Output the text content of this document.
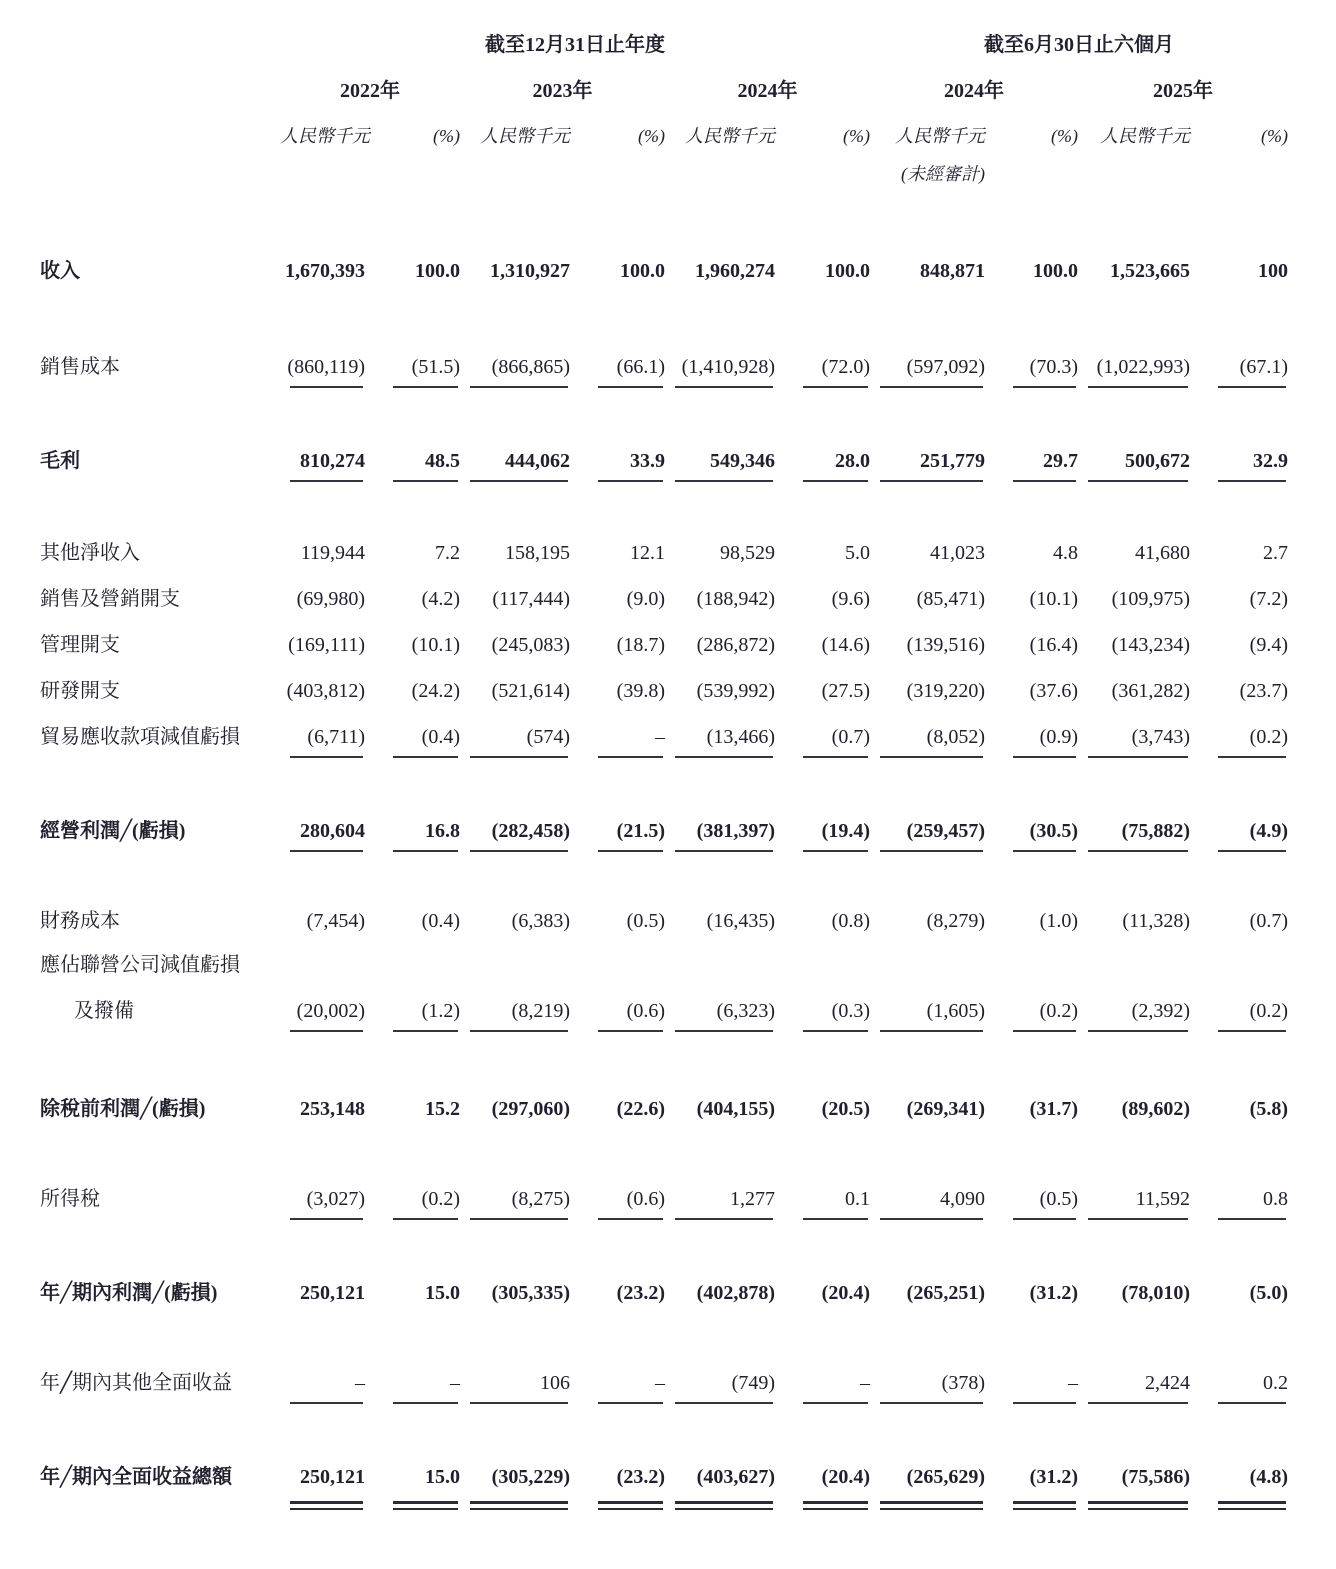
	截至12月31日止年度						截至6月30日止六個月			
	2022年		2023年		2024年		2024年		2025年	
	人民幣千元	(%)	人民幣千元	(%)	人民幣千元	(%)	人民幣千元	(%)	人民幣千元	(%)
							(未經審計)			

收入	1,670,393	100.0	1,310,927	100.0	1,960,274	100.0	848,871	100.0	1,523,665	100

銷售成本	(860,119)	(51.5)	(866,865)	(66.1)	(1,410,928)	(72.0)	(597,092)	(70.3)	(1,022,993)	(67.1)

毛利	810,274	48.5	444,062	33.9	549,346	28.0	251,779	29.7	500,672	32.9

其他淨收入	119,944	7.2	158,195	12.1	98,529	5.0	41,023	4.8	41,680	2.7
銷售及營銷開支	(69,980)	(4.2)	(117,444)	(9.0)	(188,942)	(9.6)	(85,471)	(10.1)	(109,975)	(7.2)
管理開支	(169,111)	(10.1)	(245,083)	(18.7)	(286,872)	(14.6)	(139,516)	(16.4)	(143,234)	(9.4)
研發開支	(403,812)	(24.2)	(521,614)	(39.8)	(539,992)	(27.5)	(319,220)	(37.6)	(361,282)	(23.7)
貿易應收款項減值虧損	(6,711)	(0.4)	(574)	–	(13,466)	(0.7)	(8,052)	(0.9)	(3,743)	(0.2)

經營利潤╱(虧損)	280,604	16.8	(282,458)	(21.5)	(381,397)	(19.4)	(259,457)	(30.5)	(75,882)	(4.9)

財務成本	(7,454)	(0.4)	(6,383)	(0.5)	(16,435)	(0.8)	(8,279)	(1.0)	(11,328)	(0.7)
應佔聯營公司減值虧損										
及撥備	(20,002)	(1.2)	(8,219)	(0.6)	(6,323)	(0.3)	(1,605)	(0.2)	(2,392)	(0.2)

除稅前利潤╱(虧損)	253,148	15.2	(297,060)	(22.6)	(404,155)	(20.5)	(269,341)	(31.7)	(89,602)	(5.8)

所得稅	(3,027)	(0.2)	(8,275)	(0.6)	1,277	0.1	4,090	(0.5)	11,592	0.8

年╱期內利潤╱(虧損)	250,121	15.0	(305,335)	(23.2)	(402,878)	(20.4)	(265,251)	(31.2)	(78,010)	(5.0)

年╱期內其他全面收益	–	–	106	–	(749)	–	(378)	–	2,424	0.2

年╱期內全面收益總額	250,121	15.0	(305,229)	(23.2)	(403,627)	(20.4)	(265,629)	(31.2)	(75,586)	(4.8)
